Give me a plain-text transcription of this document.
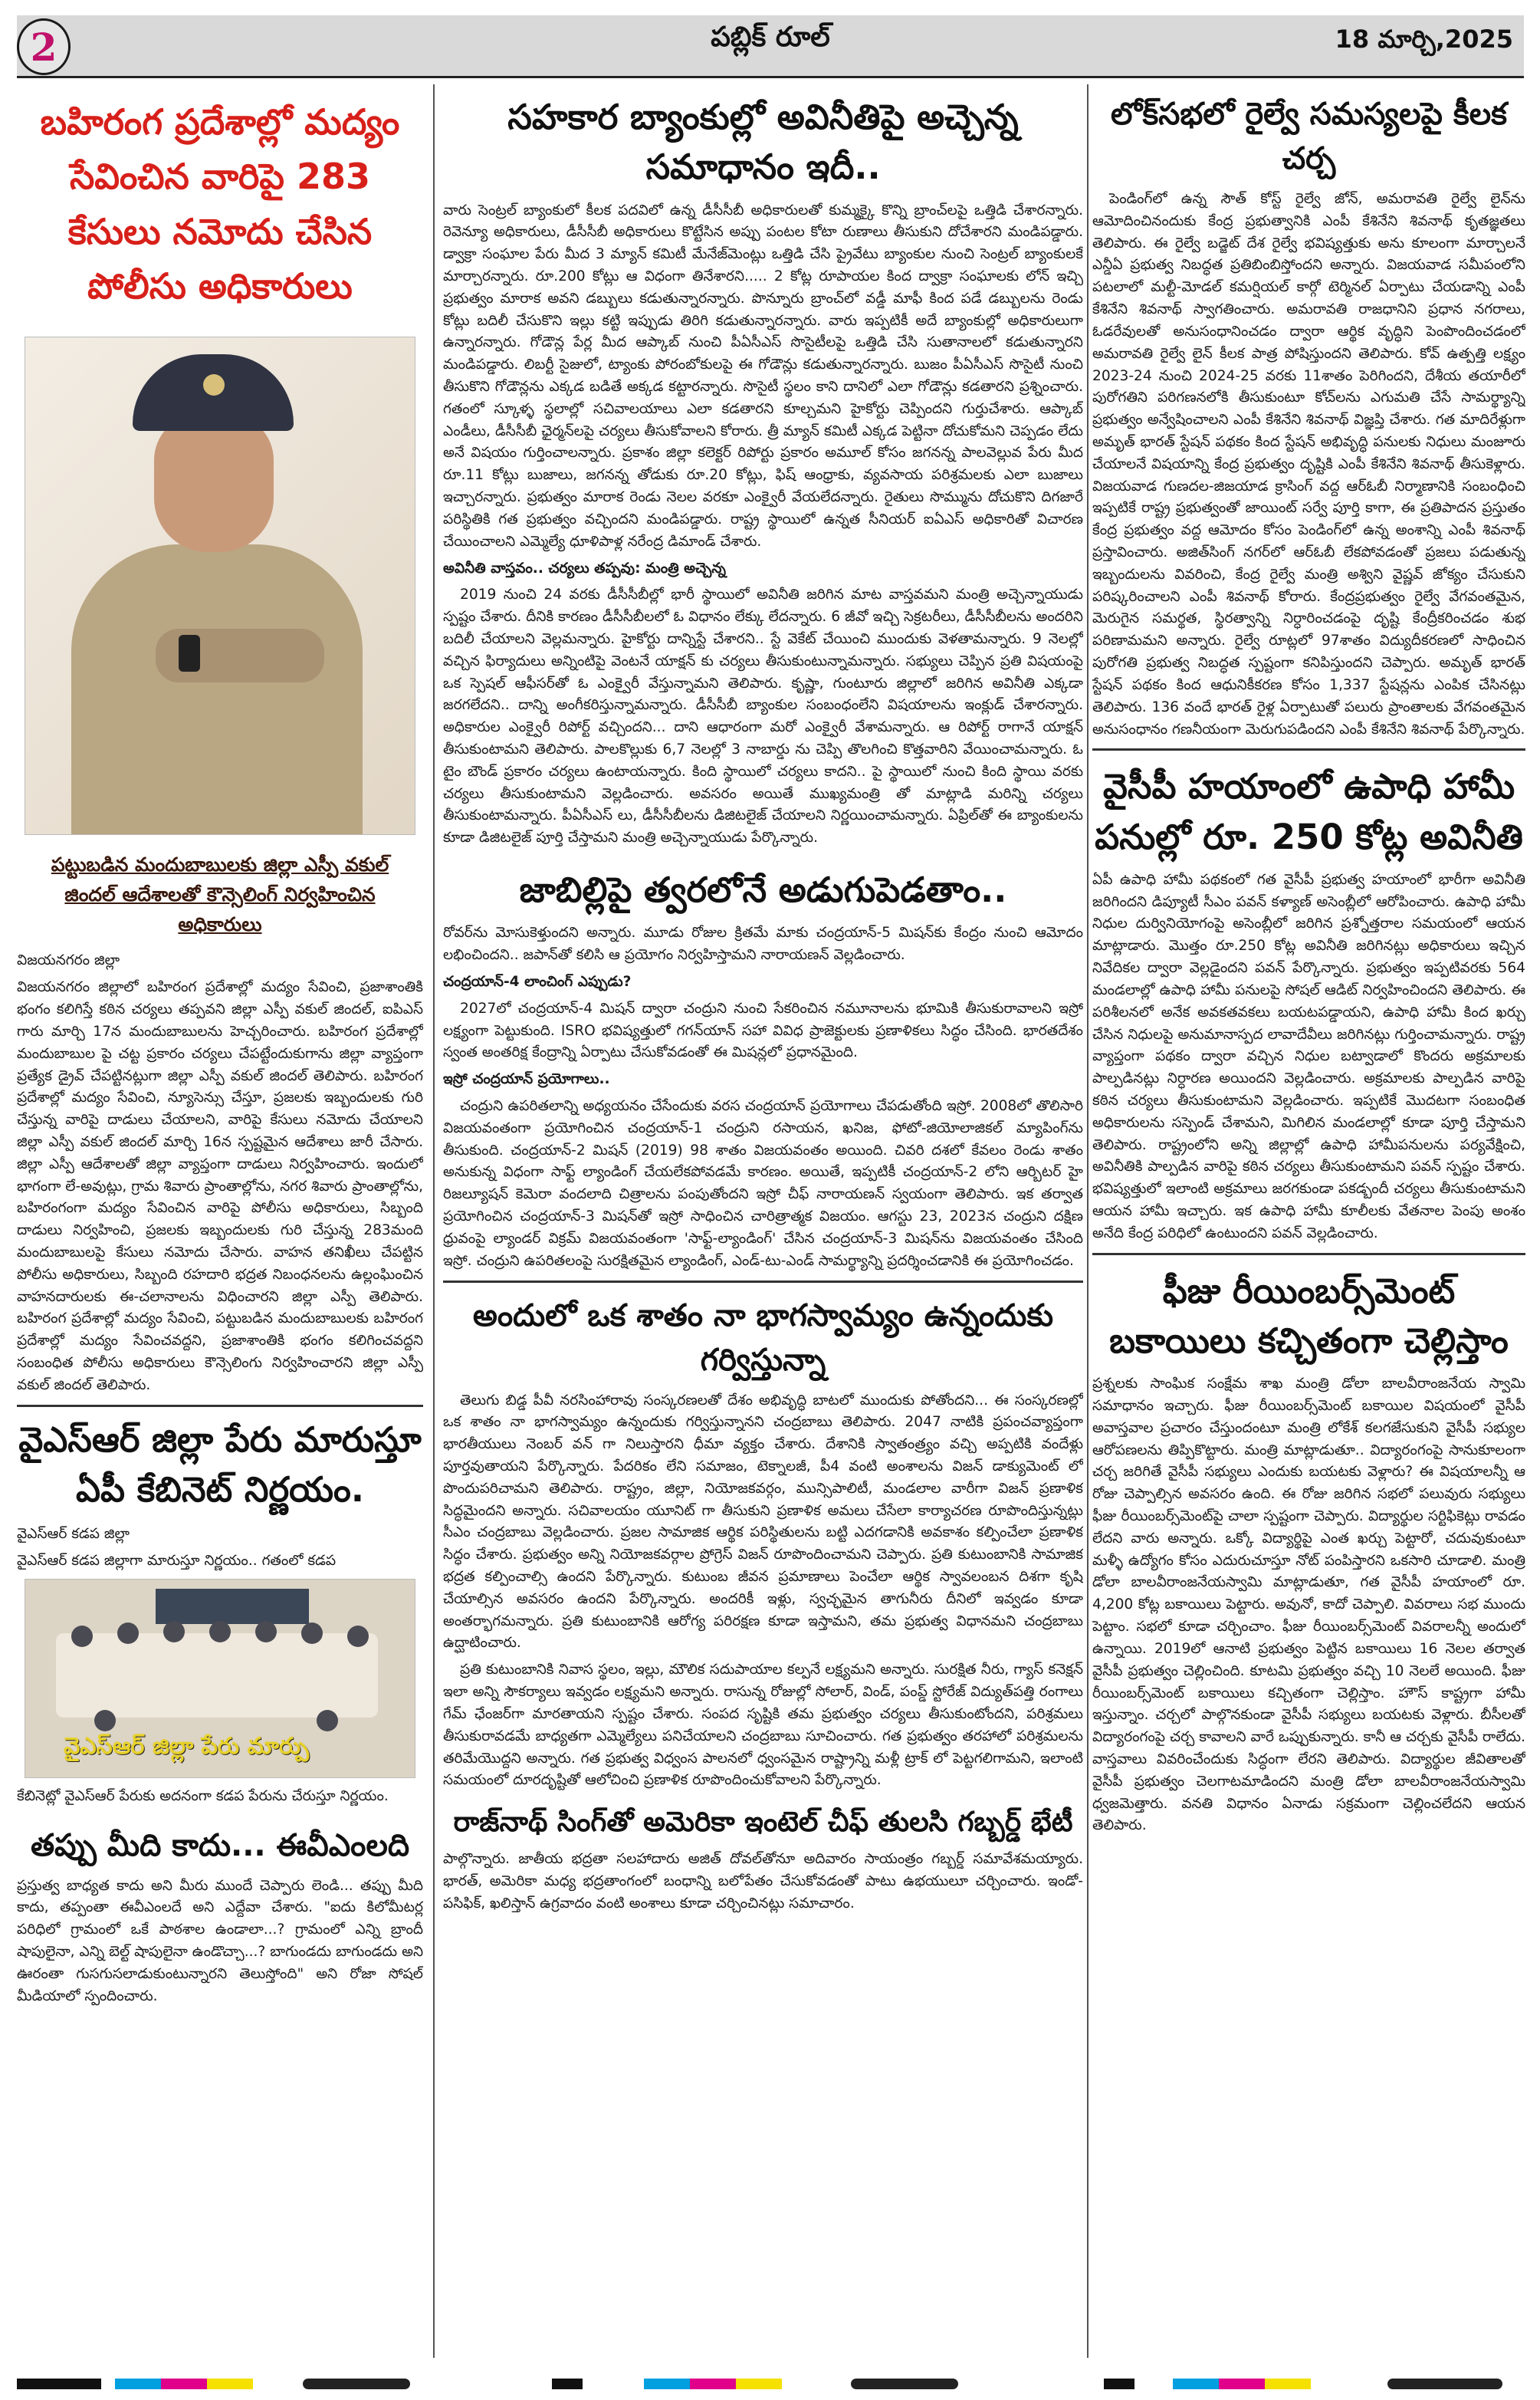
2	పబ్లిక్ రూల్	18 మార్చి,2025
బహిరంగ ప్రదేశాల్లో మద్యం సేవించిన వారిపై 283 కేసులు నమోదు చేసిన పోలీసు అధికారులు
పట్టుబడిన మందుబాబులకు జిల్లా ఎస్పీ వకుల్ జిందల్ ఆదేశాలతో కౌన్సెలింగ్ నిర్వహించిన అధికారులు

విజయనగరం జిల్లా

విజయనగరం జిల్లాలో బహిరంగ ప్రదేశాల్లో మద్యం సేవించి, ప్రజాశాంతికి భంగం కలిగిస్తే కఠిన చర్యలు తప్పవని జిల్లా ఎస్పీ వకుల్ జిందల్, ఐపిఎస్ గారు మార్చి 17న మందుబాబులను హెచ్చరించారు. బహిరంగ ప్రదేశాల్లో మందుబాబుల పై చట్ట ప్రకారం చర్యలు చేపట్టేందుకుగాను జిల్లా వ్యాప్తంగా ప్రత్యేక డ్రైవ్ చేపట్టినట్లుగా జిల్లా ఎస్పీ వకుల్ జిందల్ తెలిపారు. బహిరంగ ప్రదేశాల్లో మద్యం సేవించి, న్యూసెన్సు చేస్తూ, ప్రజలకు ఇబ్బందులకు గురి చేస్తున్న వారిపై దాడులు చేయాలని, వారిపై కేసులు నమోదు చేయాలని జిల్లా ఎస్పీ వకుల్ జిందల్ మార్చి 16న స్పష్టమైన ఆదేశాలు జారీ చేసారు. జిల్లా ఎస్పీ ఆదేశాలతో జిల్లా వ్యాప్తంగా దాడులు నిర్వహించారు. ఇందులో భాగంగా లే-అవుట్లు, గ్రామ శివారు ప్రాంతాల్లోను, నగర శివారు ప్రాంతాల్లోను, బహిరంగంగా మద్యం సేవించిన వారిపై పోలీసు అధికారులు, సిబ్బంది దాడులు నిర్వహించి, ప్రజలకు ఇబ్బందులకు గురి చేస్తున్న 283మంది మందుబాబులపై కేసులు నమోదు చేసారు. వాహన తనిఖీలు చేపట్టిన పోలీసు అధికారులు, సిబ్బంది రహదారి భద్రత నిబంధనలను ఉల్లంఘించిన వాహనదారులకు ఈ-చలానాలను విధించారని జిల్లా ఎస్పీ తెలిపారు. బహిరంగ ప్రదేశాల్లో మద్యం సేవించి, పట్టుబడిన మందుబాబులకు బహిరంగ ప్రదేశాల్లో మద్యం సేవించవద్దని, ప్రజాశాంతికి భంగం కలిగించవద్దని సంబంధిత పోలీసు అధికారులు కౌన్సెలింగు నిర్వహించారని జిల్లా ఎస్పీ వకుల్ జిందల్ తెలిపారు.

వైఎస్ఆర్ జిల్లా పేరు మారుస్తూ ఏపీ కేబినెట్ నిర్ణయం.

వైఎస్ఆర్ కడప జిల్లా

వైఎస్ఆర్ కడప జిల్లాగా మారుస్తూ నిర్ణయం.. గతంలో కడప

వైఎస్ఆర్ జిల్లా పేరు మార్పు

కేబినెట్లో వైఎస్ఆర్ పేరుకు అదనంగా కడప పేరును చేరుస్తూ నిర్ణయం.

తప్పు మీది కాదు... ఈవీఎంలది

ప్రస్తుత్వ బాధ్యత కాదు అని మీరు ముందే చెప్పారు లెండి... తప్పు మీది కాదు, తప్పంతా ఈవీఎంలదే అని ఎద్దేవా చేశారు. "ఐదు కిలోమీటర్ల పరిధిలో గ్రామంలో ఒకే పాఠశాల ఉండాలా...? గ్రామంలో ఎన్ని బ్రాందీ షాపులైనా, ఎన్ని బెల్ట్ షాపులైనా ఉండొచ్చా...? బాగుండదు బాగుండదు అని ఊరంతా గుసగుసలాడుకుంటున్నారని తెలుస్తోంది" అని రోజా సోషల్ మీడియాలో స్పందించారు.

సహకార బ్యాంకుల్లో అవినీతిపై అచ్చెన్న సమాధానం ఇదీ..

వారు సెంట్రల్ బ్యాంకులో కీలక పదవిలో ఉన్న డీసీసీబీ అధికారులతో కుమ్మక్కై కొన్ని బ్రాంచ్‌లపై ఒత్తిడి చేశారన్నారు. రెవెన్యూ అధికారులు, డీసీసీబీ అధికారులు కొట్టేసిన అప్పు పంటల కోటా రుణాలు తీసుకుని దోచేశారని మండిపడ్డారు. డ్వాక్రా సంఘాల పేరు మీద 3 మ్యాన్ కమిటీ మేనేజ్‌మెంట్లు ఒత్తిడి చేసి ప్రైవేటు బ్యాంకుల నుంచి సెంట్రల్ బ్యాంకులకే మార్చారన్నారు. రూ.200 కోట్లు ఆ విధంగా తినేశారని..... 2 కోట్ల రూపాయల కింద ద్వాక్రా సంఘాలకు లోన్ ఇచ్చి ప్రభుత్వం మారాక అవని డబ్బులు కడుతున్నారన్నారు. పొన్నూరు బ్రాంచ్‌లో వడ్డీ మాఫీ కింద పడే డబ్బులను రెండు కోట్లు బదిలీ చేసుకొని ఇల్లు కట్టి ఇప్పుడు తిరిగి కడుతున్నారన్నారు. వారు ఇప్పటికీ అదే బ్యాంకుల్లో అధికారులుగా ఉన్నారన్నారు. గోడౌన్ల పేర్ల మీద ఆప్కాబ్ నుంచి పీఏసీఎస్ సొసైటీలపై ఒత్తిడి చేసి సుతానాలలో కడుతున్నారని మండిపడ్డారు. లిబర్టీ సైజులో, ట్యాంకు పోరంబోకులపై ఈ గోడౌన్లు కడుతున్నారన్నారు. బుజం పీఏసీఎస్ సొసైటీ నుంచి తీసుకొని గోడౌన్లను ఎక్కడ బడితే అక్కడ కట్టారన్నారు. సొసైటీ స్థలం కాని దానిలో ఎలా గోడౌన్లు కడతారని ప్రశ్నించారు. గతంలో స్కూళ్ళ స్థలాల్లో సచివాలయాలు ఎలా కడతారని కూల్చమని హైకోర్టు చెప్పిందని గుర్తుచేశారు. ఆప్కాబ్ ఎండీలు, డీసీసీబీ ఛైర్మన్‌లపై చర్యలు తీసుకోవాలని కోరారు. త్రీ మ్యాన్ కమిటీ ఎక్కడ పెట్టినా దోచుకోమని చెప్పడం లేదు అనే విషయం గుర్తించాలన్నారు. ప్రకాశం జిల్లా కలెక్టర్ రిపోర్టు ప్రకారం అమూల్ కోసం జగనన్న పాలవెల్లువ పేరు మీద రూ.11 కోట్లు బుజాలు, జగనన్న తోడుకు రూ.20 కోట్లు, ఫిష్ ఆంధ్రాకు, వ్యవసాయ పరిశ్రమలకు ఎలా బుజాలు ఇచ్చారన్నారు. ప్రభుత్వం మారాక రెండు నెలల వరకూ ఎంక్వైరీ వేయలేదన్నారు. రైతులు సొమ్మును దోచుకొని దిగజారే పరిస్థితికి గత ప్రభుత్వం వచ్చిందని మండిపడ్డారు. రాష్ట్ర స్థాయిలో ఉన్నత సీనియర్ ఐఏఎస్ అధికారితో విచారణ చేయించాలని ఎమ్మెల్యే ధూళిపాళ్ల నరేంద్ర డిమాండ్ చేశారు.

అవినీతి వాస్తవం.. చర్యలు తప్పవు: మంత్రి అచ్చెన్న

2019 నుంచి 24 వరకు డీసీసీబీల్లో భారీ స్థాయిలో అవినీతి జరిగిన మాట వాస్తవమని మంత్రి అచ్చెన్నాయుడు స్పష్టం చేశారు. దీనికి కారణం డీసీసీబీలలో ఓ విధానం లేక్కు లేదన్నారు. 6 జీవో ఇచ్చి సెక్రటరీలు, డీసీసీబీలను అందరిని బదిలీ చేయాలని వెల్లమన్నారు. హైకోర్టు దాన్నిస్టే చేశారని.. స్టే వెకేట్ చేయించి ముందుకు వెళతామన్నారు. 9 నెలల్లో వచ్చిన ఫిర్యాదులు అన్నింటిపై వెంటనే యాక్షన్ కు చర్యలు తీసుకుంటున్నామన్నారు. సభ్యులు చెప్పిన ప్రతి విషయంపై ఒక స్పెషల్ ఆఫీసర్‌తో ఓ ఎంక్వైరీ వేస్తున్నామని తెలిపారు. కృష్ణా, గుంటూరు జిల్లాలో జరిగిన అవినీతి ఎక్కడా జరగలేదని.. దాన్ని అంగీకరిస్తున్నామన్నారు. డీసీసీబీ బ్యాంకుల సంబంధంలేని విషయాలను ఇంక్లుడ్ చేశారన్నారు. అధికారుల ఎంక్వైరీ రిపోర్ట్ వచ్చిందని... దాని ఆధారంగా మరో ఎంక్వైరీ వేశామన్నారు. ఆ రిపోర్ట్ రాగానే యాక్షన్ తీసుకుంటామని తెలిపారు. పాలకొల్లుకు 6,7 నెలల్లో 3 నాబార్డు ను చెప్పి తొలగించి కొత్తవారిని వేయించామన్నారు. ఓ టైం బౌండ్ ప్రకారం చర్యలు ఉంటాయన్నారు. కింది స్థాయిలో చర్యలు కాదని.. పై స్థాయిలో నుంచి కింది స్థాయి వరకు చర్యలు తీసుకుంటామని వెల్లడించారు. అవసరం అయితే ముఖ్యమంత్రి తో మాట్లాడి మరిన్ని చర్యలు తీసుకుంటామన్నారు. పీఏసీఎస్ లు, డీసీసీబీలను డిజిటలైజ్ చేయాలని నిర్ణయించామన్నారు. ఏప్రిల్‌తో ఈ బ్యాంకులను కూడా డిజిటలైజ్ పూర్తి చేస్తామని మంత్రి అచ్చెన్నాయుడు పేర్కొన్నారు.

జాబిల్లిపై త్వరలోనే అడుగుపెడతాం..

రోవర్‌ను మోసుకెళ్తుందని అన్నారు. మూడు రోజుల క్రితమే మాకు చంద్రయాన్-5 మిషన్‌కు కేంద్రం నుంచి ఆమోదం లభించిందని.. జపాన్‌తో కలిసి ఆ ప్రయోగం నిర్వహిస్తామని నారాయణన్ వెల్లడించారు.

చంద్రయాన్-4 లాంచింగ్ ఎప్పుడు?

2027లో చంద్రయాన్-4 మిషన్ ద్వారా చంద్రుని నుంచి సేకరించిన నమూనాలను భూమికి తీసుకురావాలని ఇస్రో లక్ష్యంగా పెట్టుకుంది. ISRO భవిష్యత్తులో గగన్‌యాన్ సహా వివిధ ప్రాజెక్టులకు ప్రణాళికలు సిద్ధం చేసింది. భారతదేశం స్వంత అంతరిక్ష కేంద్రాన్ని ఏర్పాటు చేసుకోవడంతో ఈ మిషన్లలో ప్రధానమైంది.

ఇస్రో చంద్రయాన్ ప్రయోగాలు..

చంద్రుని ఉపరితలాన్ని అధ్యయనం చేసేందుకు వరస చంద్రయాన్ ప్రయోగాలు చేపడుతోంది ఇస్రో. 2008లో తొలిసారి విజయవంతంగా ప్రయోగించిన చంద్రయాన్-1 చంద్రుని రసాయన, ఖనిజ, ఫోటో-జియోలాజికల్ మ్యాపింగ్‌ను తీసుకుంది. చంద్రయాన్-2 మిషన్ (2019) 98 శాతం విజయవంతం అయింది. చివరి దశలో కేవలం రెండు శాతం అనుకున్న విధంగా సాఫ్ట్ ల్యాండింగ్ చేయలేకపోవడమే కారణం. అయితే, ఇప్పటికీ చంద్రయాన్-2 లోని ఆర్బిటర్ హై రిజల్యూషన్ కెమెరా వందలాది చిత్రాలను పంపుతోందని ఇస్రో చీఫ్ నారాయణన్ స్వయంగా తెలిపారు. ఇక తర్వాత ప్రయోగించిన చంద్రయాన్-3 మిషన్‌తో ఇస్రో సాధించిన చారిత్రాత్మక విజయం. ఆగస్టు 23, 2023న చంద్రుని దక్షిణ ధ్రువంపై ల్యాండర్ విక్రమ్ విజయవంతంగా 'సాఫ్ట్-ల్యాండింగ్' చేసిన చంద్రయాన్-3 మిషన్‌ను విజయవంతం చేసింది ఇస్రో. చంద్రుని ఉపరితలంపై సురక్షితమైన ల్యాండింగ్, ఎండ్-టు-ఎండ్ సామర్థ్యాన్ని ప్రదర్శించడానికి ఈ ప్రయోగించడం.

అందులో ఒక శాతం నా భాగస్వామ్యం ఉన్నందుకు గర్విస్తున్నా

తెలుగు బిడ్డ పీవీ నరసింహారావు సంస్కరణలతో దేశం అభివృద్ధి బాటలో ముందుకు పోతోందని... ఈ సంస్కరణల్లో ఒక శాతం నా భాగస్వామ్యం ఉన్నందుకు గర్విస్తున్నానని చంద్రబాబు తెలిపారు. 2047 నాటికి ప్రపంచవ్యాప్తంగా భారతీయులు నెంబర్ వన్ గా నిలుస్తారని ధీమా వ్యక్తం చేశారు. దేశానికి స్వాతంత్ర్యం వచ్చి అప్పటికి వందేళ్లు పూర్తవుతాయని పేర్కొన్నారు. పేదరికం లేని సమాజం, టెక్నాలజీ, పీ4 వంటి అంశాలను విజన్ డాక్యుమెంట్ లో పొందుపరిచామని తెలిపారు. రాష్ట్రం, జిల్లా, నియోజకవర్గం, మున్సిపాలిటీ, మండలాల వారీగా విజన్ ప్రణాళిక సిద్ధమైందని అన్నారు. సచివాలయం యూనిట్ గా తీసుకుని ప్రణాళిక అమలు చేసేలా కార్యాచరణ రూపొందిస్తున్నట్లు సీఎం చంద్రబాబు వెల్లడించారు. ప్రజల సామాజిక ఆర్థిక పరిస్థితులను బట్టి ఎదగడానికి అవకాశం కల్పించేలా ప్రణాళిక సిద్ధం చేశారు. ప్రభుత్వం అన్ని నియోజకవర్గాల ప్రోగ్రెస్ విజన్ రూపొందించామని చెప్పారు. ప్రతి కుటుంబానికి సామాజిక భద్రత కల్పించాల్సి ఉందని పేర్కొన్నారు. కుటుంబ జీవన ప్రమాణాలు పెంచేలా ఆర్థిక స్వావలంబన దిశగా కృషి చేయాల్సిన అవసరం ఉందని పేర్కొన్నారు. అందరికీ ఇళ్లు, స్వచ్ఛమైన తాగునీరు దీనిలో ఇవ్వడం కూడా అంతర్భాగమన్నారు. ప్రతి కుటుంబానికి ఆరోగ్య పరిరక్షణ కూడా ఇస్తామని, తమ ప్రభుత్వ విధానమని చంద్రబాబు ఉద్ఘాటించారు.

ప్రతి కుటుంబానికి నివాస స్థలం, ఇల్లు, మౌలిక సదుపాయాల కల్పనే లక్ష్యమని అన్నారు. సురక్షిత నీరు, గ్యాస్ కనెక్షన్ ఇలా అన్ని సౌకర్యాలు ఇవ్వడం లక్ష్యమని అన్నారు. రాసున్న రోజుల్లో సోలార్, విండ్, పంప్డ్ స్టోరేజ్ విద్యుత్‌పత్తి రంగాలు గేమ్ ఛేంజర్‌గా మారతాయని స్పష్టం చేశారు. సంపద సృష్టికి తమ ప్రభుత్వం చర్యలు తీసుకుంటోందని, పరిశ్రమలు తీసుకురావడమే బాధ్యతగా ఎమ్మెల్యేలు పనిచేయాలని చంద్రబాబు సూచించారు. గత ప్రభుత్వం తరహాలో పరిశ్రమలను తరిమేయొద్దని అన్నారు. గత ప్రభుత్వ విధ్వంస పాలనలో ధ్వంసమైన రాష్ట్రాన్ని మళ్లీ ట్రాక్ లో పెట్టగలిగామని, ఇలాంటి సమయంలో దూరదృష్టితో ఆలోచించి ప్రణాళిక రూపొందించుకోవాలని పేర్కొన్నారు.

రాజ్‌నాథ్ సింగ్‌తో అమెరికా ఇంటెల్ చీఫ్ తులసి గబ్బర్డ్ భేటీ

పాల్గొన్నారు. జాతీయ భద్రతా సలహాదారు అజిత్ దోవల్‌తోనూ అదివారం సాయంత్రం గబ్బర్డ్ సమావేశమయ్యారు. భారత్, అమెరికా మధ్య భద్రతాంగంలో బంధాన్ని బలోపేతం చేసుకోవడంతో పాటు ఉభయులూ చర్చించారు. ఇండో-పసిఫిక్, ఖలిస్తాన్ ఉగ్రవాదం వంటి అంశాలు కూడా చర్చించినట్లు సమాచారం.

లోక్‌సభలో రైల్వే సమస్యలపై కీలక చర్చ

పెండింగ్‌లో ఉన్న సౌత్ కోస్ట్ రైల్వే జోన్, అమరావతి రైల్వే లైన్‌ను ఆమోదించినందుకు కేంద్ర ప్రభుత్వానికి ఎంపీ కేశినేని శివనాథ్ కృతజ్ఞతలు తెలిపారు. ఈ రైల్వే బడ్జెట్ దేశ రైల్వే భవిష్యత్తుకు అను కూలంగా మార్చాలనే ఎన్డీఏ ప్రభుత్వ నిబద్ధత ప్రతిబింబిస్తోందని అన్నారు. విజయవాడ సమీపంలోని పటలాలో మల్టీ-మోడల్ కమర్షియల్ కార్గో టెర్మినల్ ఏర్పాటు చేయడాన్ని ఎంపీ కేశినేని శివనాథ్ స్వాగతించారు. అమరావతి రాజధానిని ప్రధాన నగరాలు, ఓడరేవులతో అనుసంధానించడం ద్వారా ఆర్థిక వృద్ధిని పెంపొందించడంలో అమరావతి రైల్వే లైన్ కీలక పాత్ర పోషిస్తుందని తెలిపారు. కోవ్ ఉత్పత్తి లక్ష్యం 2023-24 నుంచి 2024-25 వరకు 11శాతం పెరిగిందని, దేశీయ తయారీలో పురోగతిని పరిగణనలోకి తీసుకుంటూ కోచ్‌లను ఎగుమతి చేసే సామర్థ్యాన్ని ప్రభుత్వం అన్వేషించాలని ఎంపీ కేశినేని శివనాథ్ విజ్ఞప్తి చేశారు. గత మాదిరేళ్లుగా అమృత్ భారత్ స్టేషన్ పథకం కింద స్టేషన్ అభివృద్ధి పనులకు నిధులు మంజూరు చేయాలనే విషయాన్ని కేంద్ర ప్రభుత్వం దృష్టికి ఎంపీ కేశినేని శివనాథ్ తీసుకెళ్లారు. విజయవాడ గుణదల-జిజయాడ క్రాసింగ్ వద్ద ఆర్ఓబీ నిర్మాణానికి సంబంధించి ఇప్పటికే రాష్ట్ర ప్రభుత్వంతో జాయింట్ సర్వే పూర్తి కాగా, ఈ ప్రతిపాదన ప్రస్తుతం కేంద్ర ప్రభుత్వం వద్ద ఆమోదం కోసం పెండింగ్‌లో ఉన్న అంశాన్ని ఎంపీ శివనాథ్ ప్రస్తావించారు. అజిత్‌సింగ్ నగర్‌లో ఆర్ఓబీ లేకపోవడంతో ప్రజలు పడుతున్న ఇబ్బందులను వివరించి, కేంద్ర రైల్వే మంత్రి అశ్విని వైష్ణవ్ జోక్యం చేసుకుని పరిష్కరించాలని ఎంపీ శివనాథ్ కోరారు. కేంద్రప్రభుత్వం రైల్వే వేగవంతమైన, మెరుగైన సమర్థత, స్థిరత్వాన్ని నిర్ధారించడంపై దృష్టి కేంద్రీకరించడం శుభ పరిణామమని అన్నారు. రైల్వే రూట్లలో 97శాతం విద్యుదీకరణలో సాధించిన పురోగతి ప్రభుత్వ నిబద్ధత స్పష్టంగా కనిపిస్తుందని చెప్పారు. అమృత్ భారత్ స్టేషన్ పథకం కింద ఆధునికీకరణ కోసం 1,337 స్టేషన్లను ఎంపిక చేసినట్లు తెలిపారు. 136 వందే భారత్ రైళ్ల ఏర్పాటుతో పలురు ప్రాంతాలకు వేగవంతమైన అనుసంధానం గణనీయంగా మెరుగుపడిందని ఎంపీ కేశినేని శివనాథ్ పేర్కొన్నారు.

వైసీపీ హయాంలో ఉపాధి హామీ పనుల్లో రూ. 250 కోట్ల అవినీతి

ఏపీ ఉపాధి హామీ పథకంలో గత వైసీపీ ప్రభుత్వ హయాంలో భారీగా అవినీతి జరిగిందని డిప్యూటీ సీఎం పవన్ కళ్యాణ్ అసెంబ్లీలో ఆరోపించారు. ఉపాధి హామీ నిధుల దుర్వినియోగంపై అసెంబ్లీలో జరిగిన ప్రశ్నోత్తరాల సమయంలో ఆయన మాట్లాడారు. మొత్తం రూ.250 కోట్ల అవినీతి జరిగినట్లు అధికారులు ఇచ్చిన నివేదికల ద్వారా వెల్లడైందని పవన్ పేర్కొన్నారు. ప్రభుత్వం ఇప్పటివరకు 564 మండలాల్లో ఉపాధి హామీ పనులపై సోషల్ ఆడిట్ నిర్వహించిందని తెలిపారు. ఈ పరిశీలనలో అనేక అవకతవకలు బయటపడ్డాయని, ఉపాధి హామీ కింద ఖర్చు చేసిన నిధులపై అనుమానాస్పద లావాదేవీలు జరిగినట్లు గుర్తించామన్నారు. రాష్ట్ర వ్యాప్తంగా పథకం ద్వారా వచ్చిన నిధుల బట్వాడాలో కొందరు అక్రమాలకు పాల్పడినట్లు నిర్ధారణ అయిందని వెల్లడించారు. అక్రమాలకు పాల్పడిన వారిపై కఠిన చర్యలు తీసుకుంటామని వెల్లడించారు. ఇప్పటికే మొదటగా సంబంధిత అధికారులను సస్పెండ్ చేశామని, మిగిలిన మండలాల్లో కూడా పూర్తి చేస్తామని తెలిపారు. రాష్ట్రంలోని అన్ని జిల్లాల్లో ఉపాధి హామీపనులను పర్యవేక్షించి, అవినీతికి పాల్పడిన వారిపై కఠిన చర్యలు తీసుకుంటామని పవన్ స్పష్టం చేశారు. భవిష్యత్తులో ఇలాంటి అక్రమాలు జరగకుండా పకడ్బందీ చర్యలు తీసుకుంటామని ఆయన హామీ ఇచ్చారు. ఇక ఉపాధి హామీ కూలీలకు వేతనాల పెంపు అంశం అనేది కేంద్ర పరిధిలో ఉంటుందని పవన్ వెల్లడించారు.

ఫీజు రీయింబర్స్‌మెంట్ బకాయిలు కచ్చితంగా చెల్లిస్తాం

ప్రశ్నలకు సాంఘిక సంక్షేమ శాఖ మంత్రి డోలా బాలవీరాంజనేయ స్వామి సమాధానం ఇచ్చారు. ఫీజు రీయింబర్స్‌మెంట్ బకాయిల విషయంలో వైసీపీ అవాస్తవాల ప్రచారం చేస్తుందంటూ మంత్రి లోకేశ్ కలగజేసుకుని వైసీపీ సభ్యుల ఆరోపణలను తిప్పికొట్టారు. మంత్రి మాట్లాడుతూ.. విద్యారంగంపై సానుకూలంగా చర్చ జరిగితే వైసీపీ సభ్యులు ఎందుకు బయటకు వెళ్లారు? ఈ విషయాలన్నీ ఆ రోజు చెప్పాల్సిన అవసరం ఉంది. ఈ రోజు జరిగిన సభలో పలువురు సభ్యులు ఫీజు రీయింబర్స్‌మెంట్‌పై చాలా స్పష్టంగా చెప్పారు. విద్యార్థుల సర్టిఫికెట్లు రావడం లేదని వారు అన్నారు. ఒక్కో విద్యార్థిపై ఎంత ఖర్చు పెట్టారో, చదువుకుంటూ మళ్ళీ ఉద్యోగం కోసం ఎదురుచూస్తూ నోట్ పంపిస్తారని ఒకసారి చూడాలి. మంత్రి డోలా బాలవీరాంజనేయస్వామి మాట్లాడుతూ, గత వైసీపీ హయాంలో రూ. 4,200 కోట్ల బకాయిలు పెట్టారు. అవునో, కాదో చెప్పాలి. వివరాలు సభ ముందు పెట్టాం. సభలో కూడా చర్చించాం. ఫీజు రీయింబర్స్‌మెంట్ వివరాలన్నీ అందులో ఉన్నాయి. 2019లో ఆనాటి ప్రభుత్వం పెట్టిన బకాయిలు 16 నెలల తర్వాత వైసీపీ ప్రభుత్వం చెల్లించింది. కూటమి ప్రభుత్వం వచ్చి 10 నెలలే అయింది. ఫీజు రీయింబర్స్‌మెంట్ బకాయిలు కచ్చితంగా చెల్లిస్తాం. హౌస్ కాష్ట్రగా హామీ ఇస్తున్నాం. చర్చలో పాల్గొనకుండా వైసీపీ సభ్యులు బయటకు వెళ్లారు. బీసీలతో విద్యారంగంపై చర్చ కావాలని వారే ఒప్పుకున్నారు. కానీ ఆ చర్చకు వైసీపీ రాలేదు. వాస్తవాలు వివరించేందుకు సిద్ధంగా లేరని తెలిపారు. విద్యార్థుల జీవితాలతో వైసీపీ ప్రభుత్వం చెలగాటమాడిందని మంత్రి డోలా బాలవీరాంజనేయస్వామి ధ్వజమెత్తారు. వనతి విధానం ఏనాడు సక్రమంగా చెల్లించలేదని ఆయన తెలిపారు.
